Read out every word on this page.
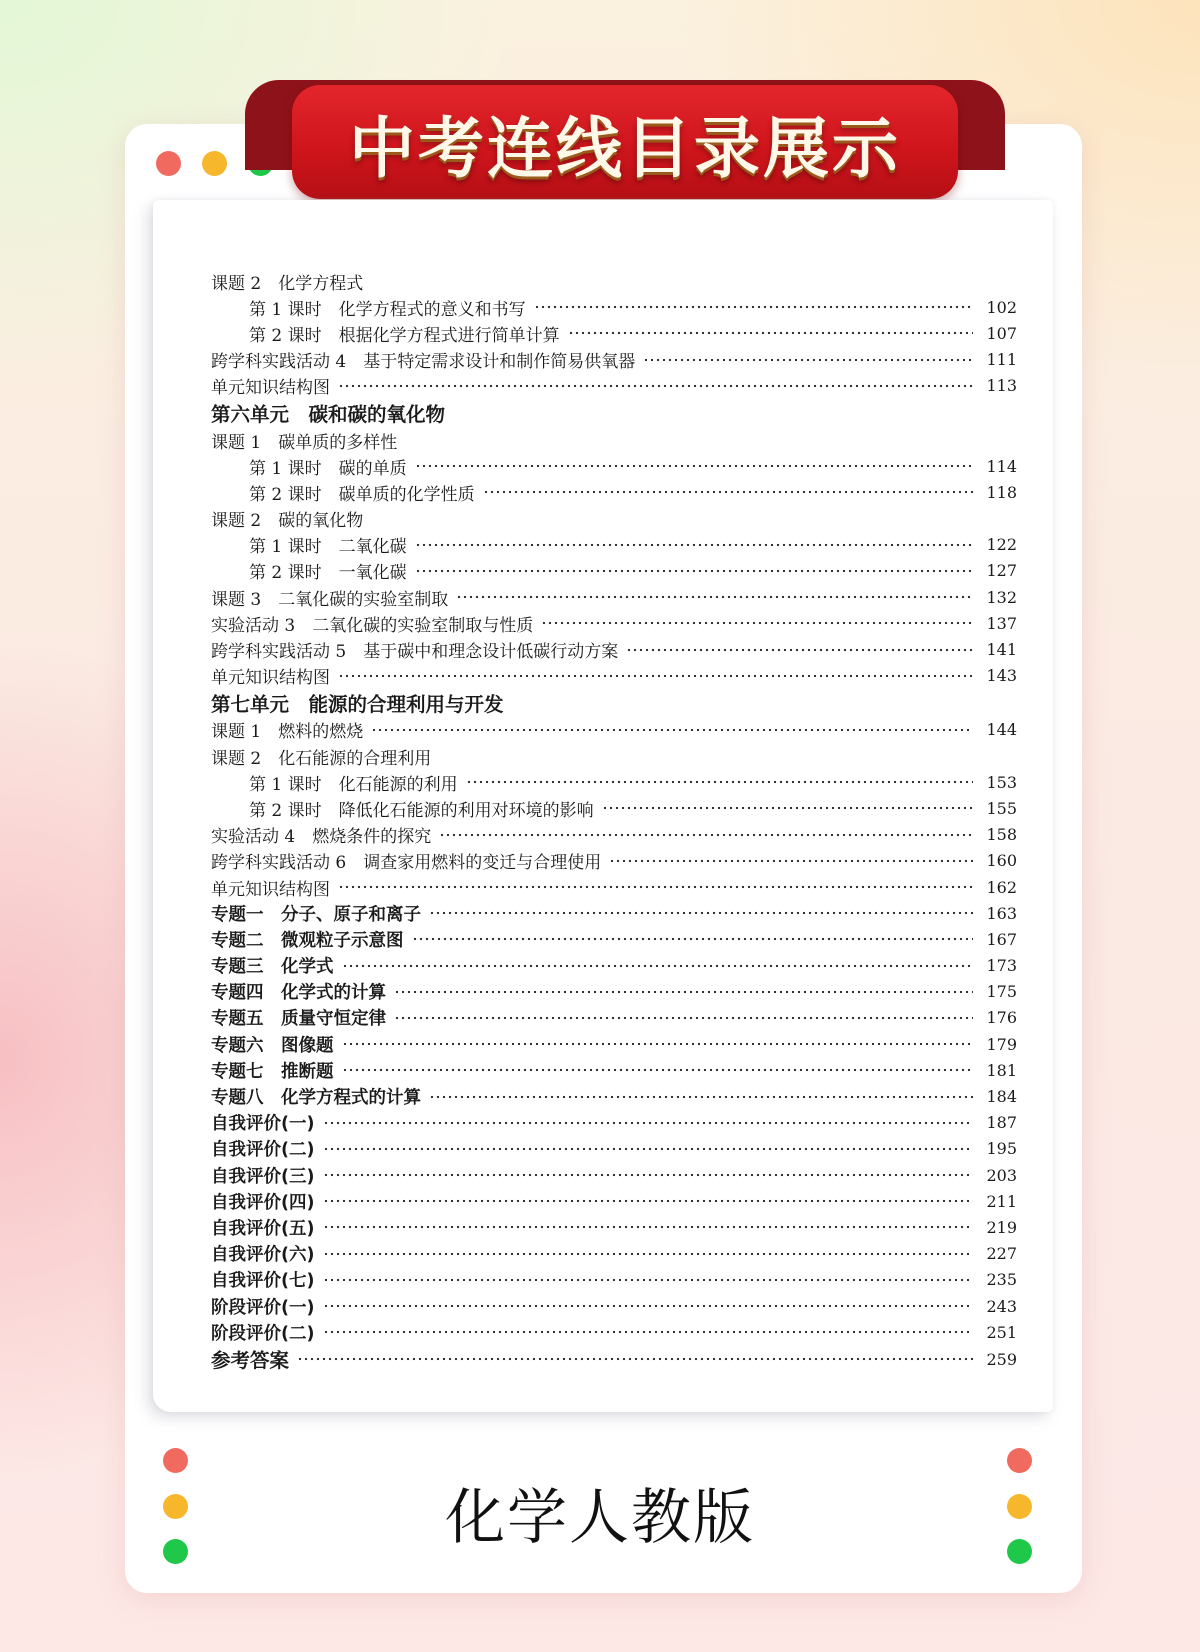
中考连线目录展示
课题 2　化学方程式
第 1 课时　化学方程式的意义和书写	102
第 2 课时　根据化学方程式进行简单计算	107
跨学科实践活动 4　基于特定需求设计和制作简易供氧器	111
单元知识结构图	113
第六单元　碳和碳的氧化物
课题 1　碳单质的多样性
第 1 课时　碳的单质	114
第 2 课时　碳单质的化学性质	118
课题 2　碳的氧化物
第 1 课时　二氧化碳	122
第 2 课时　一氧化碳	127
课题 3　二氧化碳的实验室制取	132
实验活动 3　二氧化碳的实验室制取与性质	137
跨学科实践活动 5　基于碳中和理念设计低碳行动方案	141
单元知识结构图	143
第七单元　能源的合理利用与开发
课题 1　燃料的燃烧	144
课题 2　化石能源的合理利用
第 1 课时　化石能源的利用	153
第 2 课时　降低化石能源的利用对环境的影响	155
实验活动 4　燃烧条件的探究	158
跨学科实践活动 6　调查家用燃料的变迁与合理使用	160
单元知识结构图	162
专题一　分子、原子和离子	163
专题二　微观粒子示意图	167
专题三　化学式	173
专题四　化学式的计算	175
专题五　质量守恒定律	176
专题六　图像题	179
专题七　推断题	181
专题八　化学方程式的计算	184
自我评价(一)	187
自我评价(二)	195
自我评价(三)	203
自我评价(四)	211
自我评价(五)	219
自我评价(六)	227
自我评价(七)	235
阶段评价(一)	243
阶段评价(二)	251
参考答案	259
化学人教版
